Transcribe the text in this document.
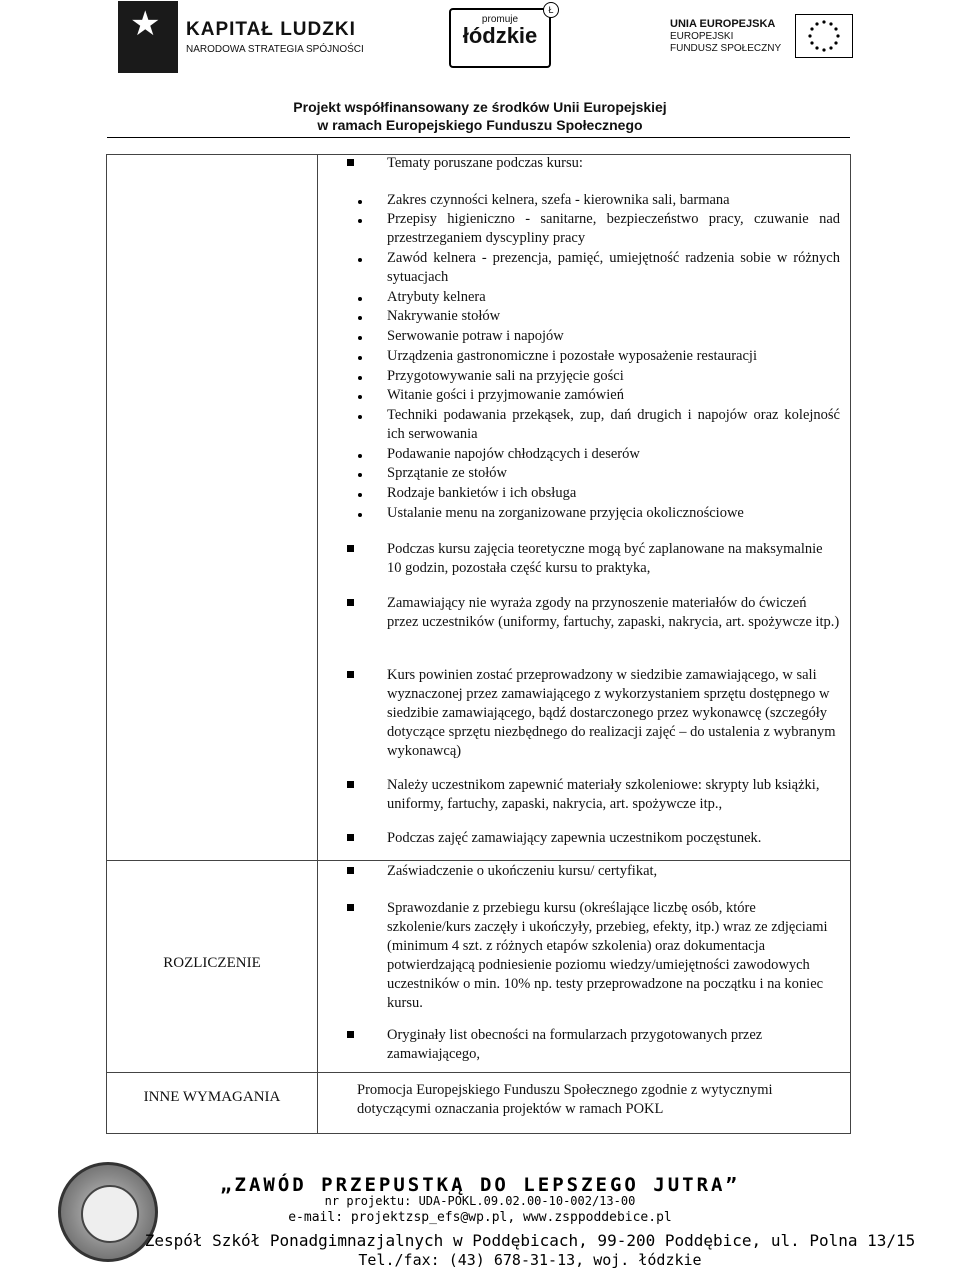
★ KAPITAŁ LUDZKI
NARODOWA STRATEGIA SPÓJNOŚCI
promuje
łódzkie
Ł
UNIA EUROPEJSKA
EUROPEJSKI
FUNDUSZ SPOŁECZNY
Projekt współfinansowany ze środków Unii Europejskiej
w ramach Europejskiego Funduszu Społecznego
ROZLICZENIE
INNE WYMAGANIA
Tematy poruszane podczas kursu:
Zakres czynności kelnera, szefa - kierownika sali, barmana
Przepisy higieniczno - sanitarne, bezpieczeństwo pracy, czuwanie nad przestrzeganiem dyscypliny pracy
Zawód kelnera - prezencja, pamięć, umiejętność radzenia sobie w różnych sytuacjach
Atrybuty kelnera
Nakrywanie stołów
Serwowanie potraw i napojów
Urządzenia gastronomiczne i pozostałe wyposażenie restauracji
Przygotowywanie sali na przyjęcie gości
Witanie gości i przyjmowanie zamówień
Techniki podawania przekąsek, zup, dań drugich i napojów oraz kolejność ich serwowania
Podawanie napojów chłodzących i deserów
Sprzątanie ze stołów
Rodzaje bankietów i ich obsługa
Ustalanie menu na zorganizowane przyjęcia okolicznościowe
Podczas kursu zajęcia teoretyczne mogą być zaplanowane na maksymalnie 10 godzin, pozostała część kursu to praktyka,
Zamawiający nie wyraża zgody na przynoszenie materiałów do ćwiczeń przez uczestników (uniformy, fartuchy, zapaski, nakrycia, art. spożywcze itp.)
Kurs powinien zostać przeprowadzony w siedzibie zamawiającego, w sali wyznaczonej przez zamawiającego z wykorzystaniem sprzętu dostępnego w siedzibie zamawiającego, bądź dostarczonego przez wykonawcę (szczegóły dotyczące sprzętu niezbędnego do realizacji zajęć – do ustalenia z wybranym wykonawcą)
Należy uczestnikom zapewnić materiały szkoleniowe: skrypty lub książki, uniformy, fartuchy, zapaski, nakrycia, art. spożywcze itp.,
Podczas zajęć zamawiający zapewnia uczestnikom poczęstunek.
Zaświadczenie o ukończeniu kursu/ certyfikat,
Sprawozdanie z przebiegu kursu (określające liczbę osób, które szkolenie/kurs zaczęły i ukończyły, przebieg, efekty, itp.) wraz ze zdjęciami (minimum 4 szt. z różnych etapów szkolenia) oraz dokumentacja potwierdzającą podniesienie poziomu wiedzy/umiejętności zawodowych uczestników o min. 10% np. testy przeprowadzone na początku i na koniec kursu.
Oryginały list obecności na formularzach przygotowanych przez zamawiającego,
Promocja Europejskiego Funduszu Społecznego zgodnie z wytycznymi dotyczącymi oznaczania projektów w ramach POKL
„ZAWÓD PRZEPUSTKĄ DO LEPSZEGO JUTRA”
nr projektu: UDA-POKL.09.02.00-10-002/13-00
e-mail: projektzsp_efs@wp.pl, www.zsppoddebice.pl
Zespół Szkół Ponadgimnazjalnych w Poddębicach, 99-200 Poddębice, ul. Polna 13/15
Tel./fax: (43) 678-31-13, woj. łódzkie
